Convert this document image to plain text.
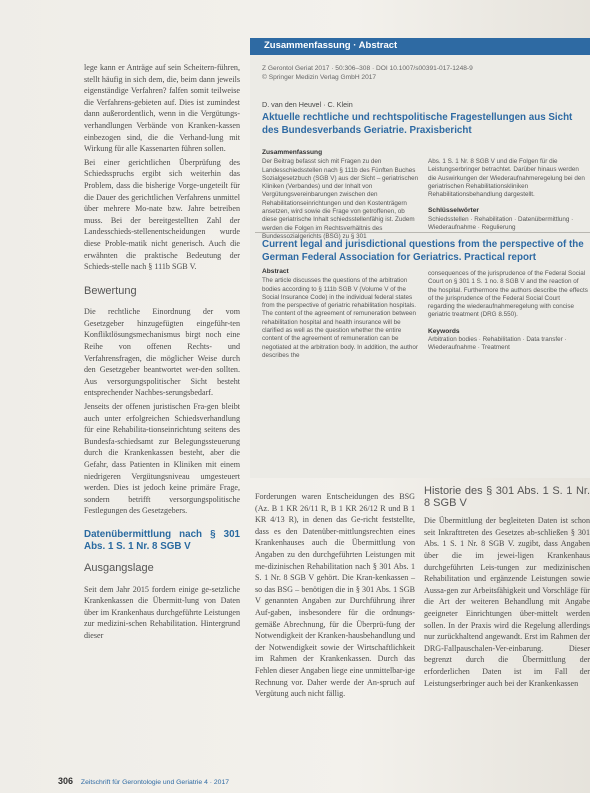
lege kann er Anträge auf sein Scheitern-führen, stellt häufig in sich dem, die, beim dann jeweils eigenständige Verfahren? falfen somit teilweise die Verfahrens-gebieten auf. Dies ist zumindest dann außerordentlich, wenn in die Vergütungs-verhandlungen Verbände von Kranken-kassen einbezogen sind, die die Verhand-lung mit Wirkung für alle Kassenarten führen sollen.

Bei einer gerichtlichen Überprüfung des Schiedsspruchs ergibt sich weiterhin das Problem, dass die bisherige Vorge-ungeteilt für die Dauer des gerichtlichen Verfahrens unmittel über mehrere Mo-nate bzw. Jahre betreiben muss. Bei der bereitgestellten Zahl der Landesschieds-stellenentscheidungen wurde diese Proble-matik nicht generisch. Auch die erwähnten die praktische Bedeutung der Schieds-stelle nach § 111b SGB V.

Bewertung

Die rechtliche Einordnung der vom Gesetzgeber hinzugefügten eingeführ-ten Konfliktlösungsmechanismus birgt noch eine Reihe von offenen Rechts- und Verfahrensfragen, die möglicher Weise durch den Gesetzgeber beantwortet wer-den sollten. Aus versorgungspolitischer Sicht besteht entsprechender Nachbes-serungsbedarf.

Jenseits der offenen juristischen Fra-gen bleibt auch unter erfolgreichen Schiedsverhandlung für eine Rehabilita-tionseinrichtung seitens des Bundesfa-schiedsamt zur Belegungssteuerung durch die Krankenkassen besteht, aber die Gefahr, dass Patienten in Kliniken mit einem niedrigeren Vergütungsniveau umgesteuert werden. Dies ist jedoch keine primäre Frage, sondern betrifft versorgungspolitische Festlegungen des Gesetzgebers.

Datenübermittlung nach § 301 Abs. 1 S. 1 Nr. 8 SGB V
Ausgangslage

Seit dem Jahr 2015 fordern einige ge-setzliche Krankenkassen die Übermitt-lung von Daten über im Krankenhaus durchgeführte Leistungen zur medizini-schen Rehabilitation. Hintergrund dieser

Zusammenfassung · Abstract
Z Gerontol Geriat 2017 · 50:306–308 · DOI 10.1007/s00391-017-1248-9
© Springer Medizin Verlag GmbH 2017
D. van den Heuvel · C. Klein
Aktuelle rechtliche und rechtspolitische Fragestellungen aus Sicht des Bundesverbands Geriatrie. Praxisbericht
Zusammenfassung
Der Beitrag befasst sich mit Fragen zu den Landesschiedsstellen nach § 111b des Fünften Buches Sozialgesetzbuch (SGB V) aus der Sicht – geriatrischen Kliniken (Verbandes) und der Inhalt von Vergütungsvereinbarungen zwischen den Rehabilitationseinrichtungen und den Kostenträgern ansetzen, wird sowie die Frage von getroffenen, ob diese geriatrische Inhalt schiedsstellenfähig ist. Zudem werden die Folgen im Rechtsverhältnis des Bundessozialgerichts (BSG) zu § 301
Abs. 1 S. 1 Nr. 8 SGB V und die Folgen für die Leistungserbringer betrachtet. Darüber hinaus werden die Auswirkungen der Wiederaufnahmeregelung bei den geriatrischen Rehabilitationskliniken Rehabilitationsbehandlung dargestellt.
Schlüsselwörter
Schiedsstellen · Rehabilitation · Datenübermittlung · Wiederaufnahme · Regulierung
Current legal and jurisdictional questions from the perspective of the German Federal Association for Geriatrics. Practical report
Abstract
The article discusses the questions of the arbitration bodies according to § 111b SGB V (Volume V of the Social Insurance Code) in the individual federal states from the perspective of geriatric rehabilitation hospitals. The content of the agreement of remuneration between rehabilitation hospital and health insurance will be clarified as well as the question whether the entire content of the agreement of remuneration can be negotiated at the arbitration body. In addition, the author describes the
consequences of the jurisprudence of the Federal Social Court on § 301 1 S. 1 no. 8 SGB V and the reaction of the hospital. Furthermore the authors describe the effects of the jurisprudence of the Federal Social Court regarding the wiederaufnahmeregelung with concise geriatric treatment (DRG 8.550).
Keywords
Arbitration bodies · Rehabilitation · Data transfer · Wiederaufnahme · Treatment

Forderungen waren Entscheidungen des BSG (Az. B 1 KR 26/11 R, B 1 KR 26/12 R und B 1 KR 4/13 R), in denen das Ge-richt feststellte, dass es den Datenüber-mittlungsrechten eines Krankenhauses auch die Übermittlung von Angaben zu den durchgeführten Leistungen mit me-dizinischen Rehabilitation nach § 301 Abs. 1 S. 1 Nr. 8 SGB V gehört. Die Kran-kenkassen – so das BSG – benötigen die in § 301 Abs. 1 SGB V genannten Angaben zur Durchführung ihrer Auf-gaben, insbesondere für die ordnungs-gemäße Abrechnung, für die Überprü-fung der Notwendigkeit der Kranken-hausbehandlung und der Notwendigkeit sowie der Wirtschaftlichkeit im Rahmen der Krankenkassen. Durch das Fehlen dieser Angaben liege eine unmittelbar-ige Rechnung vor. Daher werde der An-spruch auf Vergütung auch nicht fällig.

Historie des § 301 Abs. 1 S. 1 Nr. 8 SGB V

Die Übermittlung der begleiteten Daten ist schon seit Inkrafttreten des Gesetzes ab-schließen § 301 Abs. 1 S. 1 Nr. 8 SGB V. zugibt, dass Angaben über die im jewei-ligen Krankenhaus durchgeführten Leis-tungen zur medizinischen Rehabilitation und ergänzende Leistungen sowie Aussa-gen zur Arbeitsfähigkeit und Vorschläge für die Art der weiteren Behandlung mit Angabe geeigneter Einrichtungen über-mittelt werden sollen. In der Praxis wird die Regelung allerdings nur zurückhaltend angewandt. Erst im Rahmen der DRG-Fallpauschalen-Ver-einbarung. Dieser begrenzt durch die Übermittlung der erforderlichen Daten ist im Fall der Leistungserbringer auch bei der Krankenkassen

306 Zeitschrift für Gerontologie und Geriatrie 4 · 2017
